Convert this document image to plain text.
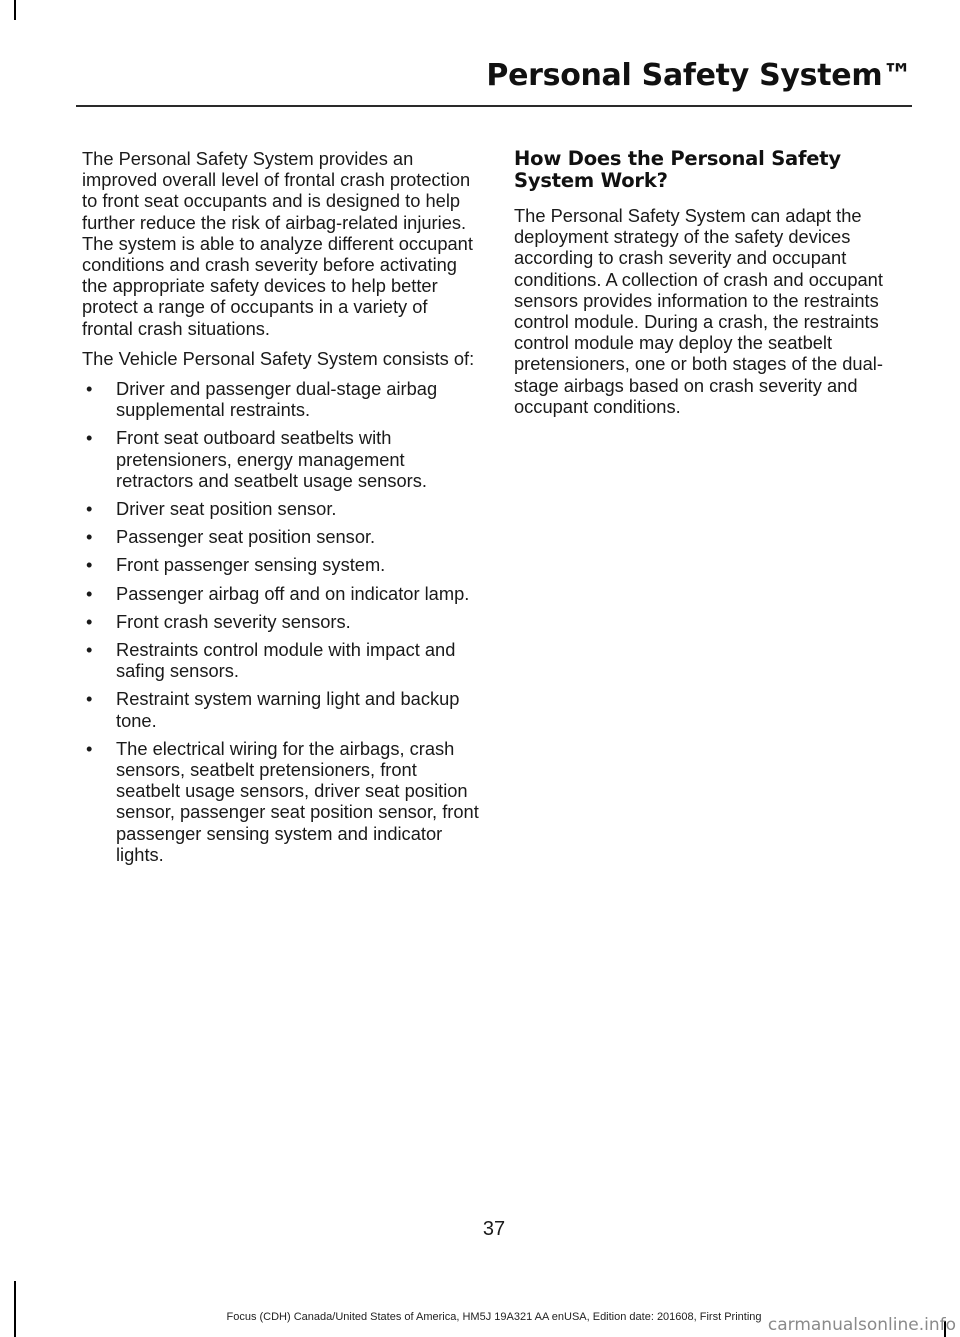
Personal Safety System™

The Personal Safety System provides an improved overall level of frontal crash protection to front seat occupants and is designed to help further reduce the risk of airbag-related injuries. The system is able to analyze different occupant conditions and crash severity before activating the appropriate safety devices to help better protect a range of occupants in a variety of frontal crash situations.

The Vehicle Personal Safety System consists of:

• Driver and passenger dual-stage airbag supplemental restraints.
• Front seat outboard seatbelts with pretensioners, energy management retractors and seatbelt usage sensors.
• Driver seat position sensor.
• Passenger seat position sensor.
• Front passenger sensing system.
• Passenger airbag off and on indicator lamp.
• Front crash severity sensors.
• Restraints control module with impact and safing sensors.
• Restraint system warning light and backup tone.
• The electrical wiring for the airbags, crash sensors, seatbelt pretensioners, front seatbelt usage sensors, driver seat position sensor, passenger seat position sensor, front passenger sensing system and indicator lights.
How Does the Personal Safety System Work?

The Personal Safety System can adapt the deployment strategy of the safety devices according to crash severity and occupant conditions. A collection of crash and occupant sensors provides information to the restraints control module. During a crash, the restraints control module may deploy the seatbelt pretensioners, one or both stages of the dual-stage airbags based on crash severity and occupant conditions.

37
Focus (CDH) Canada/United States of America, HM5J 19A321 AA enUSA, Edition date: 201608, First Printing carmanualsonline.info
